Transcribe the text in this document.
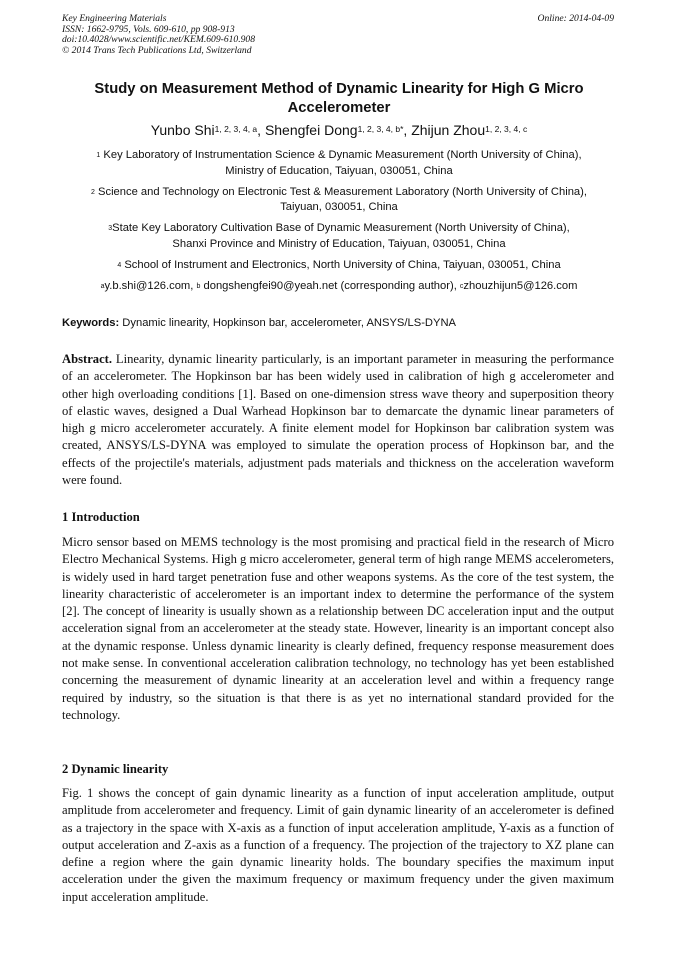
Key Engineering Materials
ISSN: 1662-9795, Vols. 609-610, pp 908-913
doi:10.4028/www.scientific.net/KEM.609-610.908
© 2014 Trans Tech Publications Ltd, Switzerland
Online: 2014-04-09
Study on Measurement Method of Dynamic Linearity for High G Micro Accelerometer
Yunbo Shi$^{1, 2, 3, 4, a}$, Shengfei Dong$^{1, 2, 3, 4, b*}$, Zhijun Zhou$^{1, 2, 3, 4, c}$
$^1$ Key Laboratory of Instrumentation Science & Dynamic Measurement (North University of China),
Ministry of Education, Taiyuan, 030051, China
$^2$ Science and Technology on Electronic Test & Measurement Laboratory (North University of China),
Taiyuan, 030051, China
$^3$State Key Laboratory Cultivation Base of Dynamic Measurement (North University of China),
Shanxi Province and Ministry of Education, Taiyuan, 030051, China
$^4$ School of Instrument and Electronics, North University of China, Taiyuan, 030051, China
$^a$y.b.shi@126.com, $^b$ dongshengfei90@yeah.net (corresponding author), $^c$zhouzhijun5@126.com
Keywords: Dynamic linearity, Hopkinson bar, accelerometer, ANSYS/LS-DYNA
Abstract. Linearity, dynamic linearity particularly, is an important parameter in measuring the performance of an accelerometer. The Hopkinson bar has been widely used in calibration of high g accelerometer and other high overloading conditions [1]. Based on one-dimension stress wave theory and superposition theory of elastic waves, designed a Dual Warhead Hopkinson bar to demarcate the dynamic linear parameters of high g micro accelerometer accurately. A finite element model for Hopkinson bar calibration system was created, ANSYS/LS-DYNA was employed to simulate the operation process of Hopkinson bar, and the effects of the projectile's materials, adjustment pads materials and thickness on the acceleration waveform were found.
1 Introduction
Micro sensor based on MEMS technology is the most promising and practical field in the research of Micro Electro Mechanical Systems. High g micro accelerometer, general term of high range MEMS accelerometers, is widely used in hard target penetration fuse and other weapons systems. As the core of the test system, the linearity characteristic of accelerometer is an important index to determine the performance of the system [2]. The concept of linearity is usually shown as a relationship between DC acceleration input and the output acceleration signal from an accelerometer at the steady state. However, linearity is an important concept also at the dynamic response. Unless dynamic linearity is clearly defined, frequency response measurement does not make sense. In conventional acceleration calibration technology, no technology has yet been established concerning the measurement of dynamic linearity at an acceleration level and within a frequency range required by industry, so the situation is that there is as yet no international standard provided for the technology.
2 Dynamic linearity
Fig. 1 shows the concept of gain dynamic linearity as a function of input acceleration amplitude, output amplitude from accelerometer and frequency. Limit of gain dynamic linearity of an accelerometer is defined as a trajectory in the space with X-axis as a function of input acceleration amplitude, Y-axis as a function of output acceleration and Z-axis as a function of a frequency. The projection of the trajectory to XZ plane can define a region where the gain dynamic linearity holds. The boundary specifies the maximum input acceleration under the given the maximum frequency or maximum frequency under the given maximum input acceleration amplitude.
